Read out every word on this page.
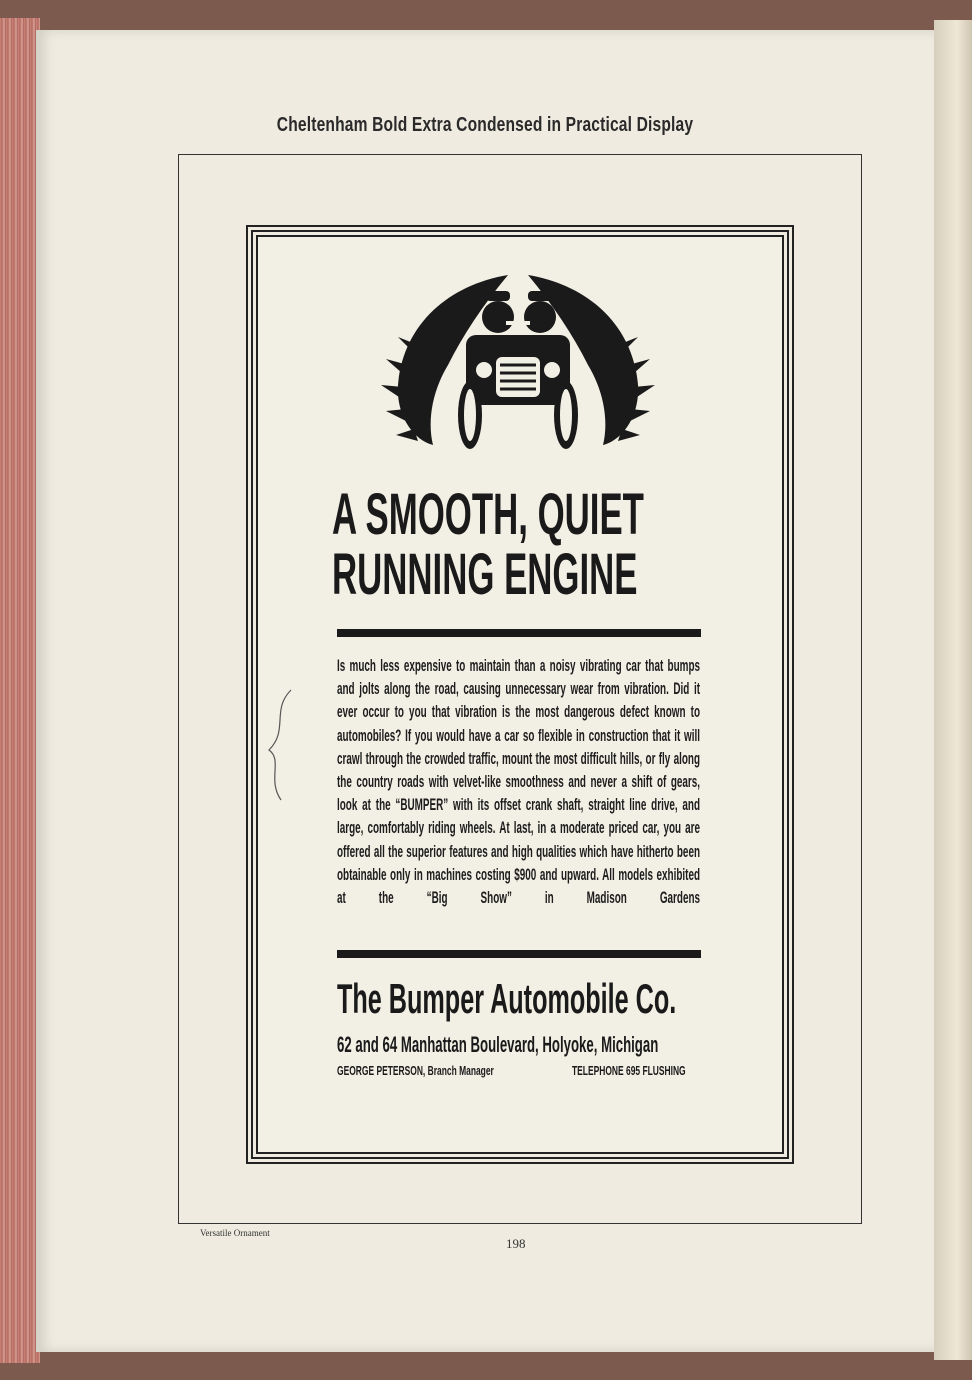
Cheltenham Bold Extra Condensed in Practical Display
A SMOOTH, QUIET
RUNNING ENGINE
Is much less expensive to maintain than a noisy vibrating car that bumps and jolts along the road, causing unnecessary wear from vibration. Did it ever occur to you that vibration is the most dangerous defect known to automobiles? If you would have a car so flexible in construction that it will crawl through the crowded traffic, mount the most difficult hills, or fly along the country roads with velvet-like smoothness and never a shift of gears, look at the “BUMPER” with its offset crank shaft, straight line drive, and large, comfortably riding wheels. At last, in a moderate priced car, you are offered all the superior features and high qualities which have hitherto been obtainable only in machines costing $900 and upward. All models exhibited at the “Big Show” in Madison Gardens
The Bumper Automobile Co.
62 and 64 Manhattan Boulevard, Holyoke, Michigan
GEORGE PETERSON, Branch Manager	TELEPHONE 695 FLUSHING
Versatile Ornament
198
